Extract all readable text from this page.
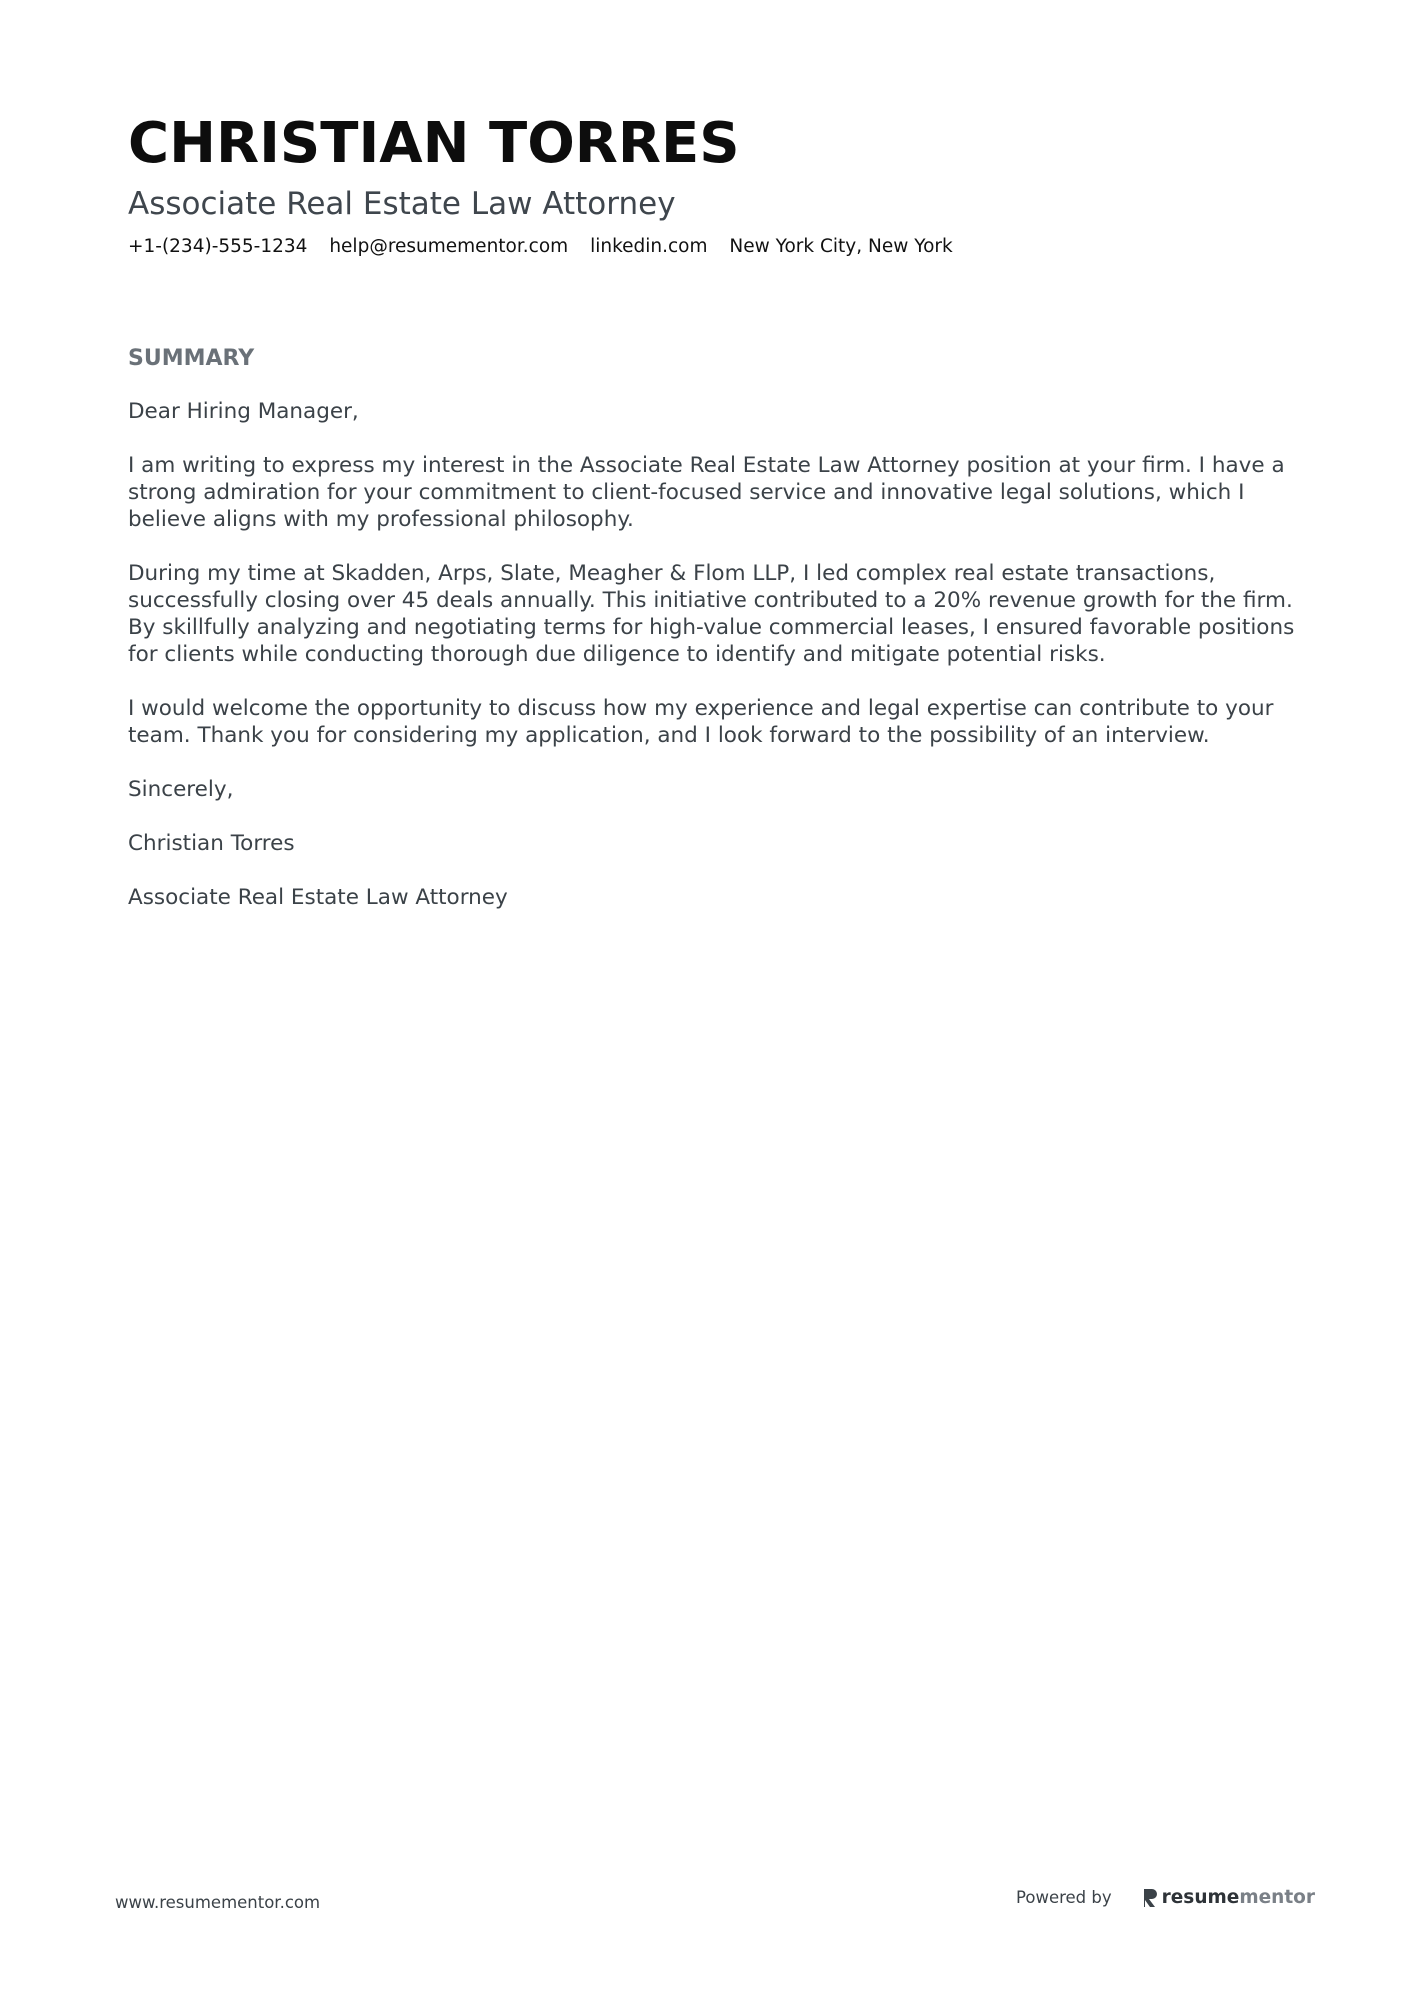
CHRISTIAN TORRES
Associate Real Estate Law Attorney
+1-(234)-555-1234 help@resumementor.com linkedin.com New York City, New York
SUMMARY

Dear Hiring Manager,

I am writing to express my interest in the Associate Real Estate Law Attorney position at your firm. I have a strong admiration for your commitment to client-focused service and innovative legal solutions, which I believe aligns with my professional philosophy.

During my time at Skadden, Arps, Slate, Meagher & Flom LLP, I led complex real estate transactions, successfully closing over 45 deals annually. This initiative contributed to a 20% revenue growth for the firm. By skillfully analyzing and negotiating terms for high-value commercial leases, I ensured favorable positions for clients while conducting thorough due diligence to identify and mitigate potential risks.

I would welcome the opportunity to discuss how my experience and legal expertise can contribute to your team. Thank you for considering my application, and I look forward to the possibility of an interview.

Sincerely,

Christian Torres

Associate Real Estate Law Attorney

www.resumementor.com	Powered by	resume mentor
